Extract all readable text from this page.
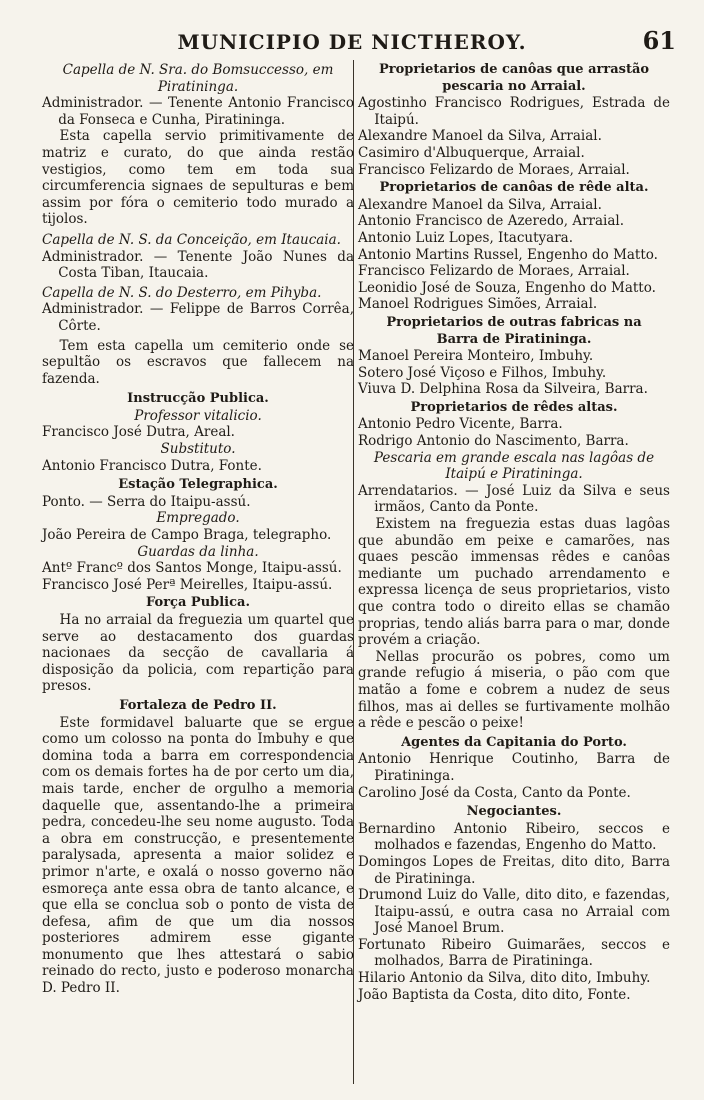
MUNICIPIO DE NICTHEROY.	61

Capella de N. Sra. do Bomsuccesso, em

Piratininga.

Administrador. — Tenente Antonio Francisco da Fonseca e Cunha, Piratininga.

Esta capella servio primitivamente de matriz e curato, do que ainda restão vestigios, como tem em toda sua circumferencia signaes de sepulturas e bem assim por fóra o cemiterio todo murado a tijolos.

Capella de N. S. da Conceição, em Itaucaia.

Administrador. — Tenente João Nunes da Costa Tiban, Itaucaia.

Capella de N. S. do Desterro, em Pihyba.

Administrador. — Felippe de Barros Corrêa, Côrte.

Tem esta capella um cemiterio onde se sepultão os escravos que fallecem na fazenda.

Instrucção Publica.

Professor vitalicio.

Francisco José Dutra, Areal.

Substituto.

Antonio Francisco Dutra, Fonte.

Estação Telegraphica.

Ponto. — Serra do Itaipu-assú.

Empregado.

João Pereira de Campo Braga, telegrapho.

Guardas da linha.

Antº Francº dos Santos Monge, Itaipu-assú.

Francisco José Perª Meirelles, Itaipu-assú.

Força Publica.

Ha no arraial da freguezia um quartel que serve ao destacamento dos guardas nacionaes da secção de cavallaria á disposição da policia, com repartição para presos.

Fortaleza de Pedro II.

Este formidavel baluarte que se ergue como um colosso na ponta do Imbuhy e que domina toda a barra em correspondencia com os demais fortes ha de por certo um dia, mais tarde, encher de orgulho a memoria daquelle que, assentando-lhe a primeira pedra, concedeu-lhe seu nome augusto. Toda a obra em construcção, e presentemente paralysada, apresenta a maior solidez e primor n'arte, e oxalá o nosso governo não esmoreça ante essa obra de tanto alcance, e que ella se conclua sob o ponto de vista de defesa, afim de que um dia nossos posteriores admirem esse gigante monumento que lhes attestará o sabio reinado do recto, justo e poderoso monarcha D. Pedro II.

Proprietarios de canôas que arrastão

pescaria no Arraial.

Agostinho Francisco Rodrigues, Estrada de Itaipú.

Alexandre Manoel da Silva, Arraial.

Casimiro d'Albuquerque, Arraial.

Francisco Felizardo de Moraes, Arraial.

Proprietarios de canôas de rêde alta.

Alexandre Manoel da Silva, Arraial.

Antonio Francisco de Azeredo, Arraial.

Antonio Luiz Lopes, Itacutyara.

Antonio Martins Russel, Engenho do Matto.

Francisco Felizardo de Moraes, Arraial.

Leonidio José de Souza, Engenho do Matto.

Manoel Rodrigues Simões, Arraial.

Proprietarios de outras fabricas na

Barra de Piratininga.

Manoel Pereira Monteiro, Imbuhy.

Sotero José Viçoso e Filhos, Imbuhy.

Viuva D. Delphina Rosa da Silveira, Barra.

Proprietarios de rêdes altas.

Antonio Pedro Vicente, Barra.

Rodrigo Antonio do Nascimento, Barra.

Pescaria em grande escala nas lagôas de

Itaipú e Piratininga.

Arrendatarios. — José Luiz da Silva e seus irmãos, Canto da Ponte.

Existem na freguezia estas duas lagôas que abundão em peixe e camarões, nas quaes pescão immensas rêdes e canôas mediante um puchado arrendamento e expressa licença de seus proprietarios, visto que contra todo o direito ellas se chamão proprias, tendo aliás barra para o mar, donde provém a criação.

Nellas procurão os pobres, como um grande refugio á miseria, o pão com que matão a fome e cobrem a nudez de seus filhos, mas ai delles se furtivamente molhão a rêde e pescão o peixe!

Agentes da Capitania do Porto.

Antonio Henrique Coutinho, Barra de Piratininga.

Carolino José da Costa, Canto da Ponte.

Negociantes.

Bernardino Antonio Ribeiro, seccos e molhados e fazendas, Engenho do Matto.

Domingos Lopes de Freitas, dito dito, Barra de Piratininga.

Drumond Luiz do Valle, dito dito, e fazendas, Itaipu-assú, e outra casa no Arraial com José Manoel Brum.

Fortunato Ribeiro Guimarães, seccos e molhados, Barra de Piratininga.

Hilario Antonio da Silva, dito dito, Imbuhy.

João Baptista da Costa, dito dito, Fonte.
